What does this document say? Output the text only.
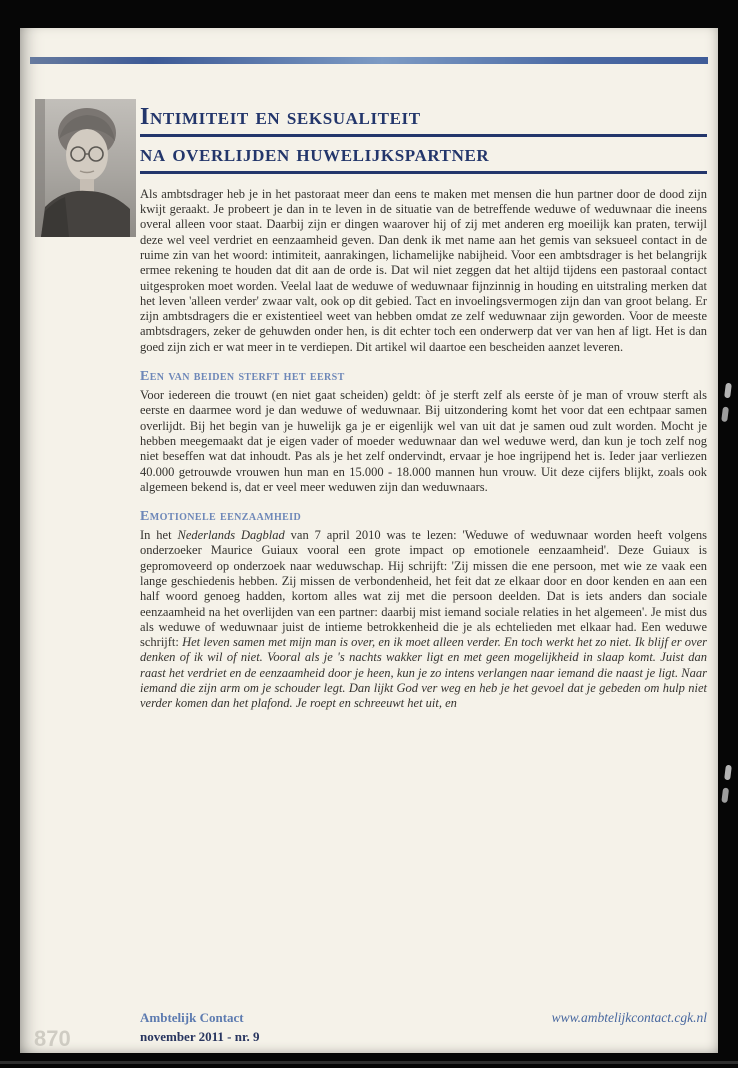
Intimiteit en seksualiteit
na overlijden huwelijkspartner

Als ambtsdrager heb je in het pastoraat meer dan eens te maken met mensen die hun partner door de dood zijn kwijt geraakt. Je probeert je dan in te leven in de situatie van de betreffende weduwe of weduwnaar die ineens overal alleen voor staat. Daarbij zijn er dingen waarover hij of zij met anderen erg moeilijk kan praten, terwijl deze wel veel verdriet en eenzaamheid geven. Dan denk ik met name aan het gemis van seksueel contact in de ruime zin van het woord: intimiteit, aanrakingen, lichamelijke nabijheid. Voor een ambtsdrager is het belangrijk ermee rekening te houden dat dit aan de orde is. Dat wil niet zeggen dat het altijd tijdens een pastoraal contact uitgesproken moet worden. Veelal laat de weduwe of weduwnaar fijnzinnig in houding en uitstraling merken dat het leven 'alleen verder' zwaar valt, ook op dit gebied. Tact en invoelingsvermogen zijn dan van groot belang. Er zijn ambtsdragers die er existentieel weet van hebben omdat ze zelf weduwnaar zijn geworden. Voor de meeste ambtsdragers, zeker de gehuwden onder hen, is dit echter toch een onderwerp dat ver van hen af ligt. Het is dan goed zijn zich er wat meer in te verdiepen. Dit artikel wil daartoe een bescheiden aanzet leveren.

Een van beiden sterft het eerst

Voor iedereen die trouwt (en niet gaat scheiden) geldt: òf je sterft zelf als eerste òf je man of vrouw sterft als eerste en daarmee word je dan weduwe of weduwnaar. Bij uitzondering komt het voor dat een echtpaar samen overlijdt. Bij het begin van je huwelijk ga je er eigenlijk wel van uit dat je samen oud zult worden. Mocht je hebben meegemaakt dat je eigen vader of moeder weduwnaar dan wel weduwe werd, dan kun je toch zelf nog niet beseffen wat dat inhoudt. Pas als je het zelf ondervindt, ervaar je hoe ingrijpend het is. Ieder jaar verliezen 40.000 getrouwde vrouwen hun man en 15.000 - 18.000 mannen hun vrouw. Uit deze cijfers blijkt, zoals ook algemeen bekend is, dat er veel meer weduwen zijn dan weduwnaars.

Emotionele eenzaamheid

In het Nederlands Dagblad van 7 april 2010 was te lezen: 'Weduwe of weduwnaar worden heeft volgens onderzoeker Maurice Guiaux vooral een grote impact op emotionele eenzaamheid'. Deze Guiaux is gepromoveerd op onderzoek naar weduwschap. Hij schrijft: 'Zij missen die ene persoon, met wie ze vaak een lange geschiedenis hebben. Zij missen de verbondenheid, het feit dat ze elkaar door en door kenden en aan een half woord genoeg hadden, kortom alles wat zij met die persoon deelden. Dat is iets anders dan sociale eenzaamheid na het overlijden van een partner: daarbij mist iemand sociale relaties in het algemeen'. Je mist dus als weduwe of weduwnaar juist de intieme betrokkenheid die je als echtelieden met elkaar had. Een weduwe schrijft: Het leven samen met mijn man is over, en ik moet alleen verder. En toch werkt het zo niet. Ik blijf er over denken of ik wil of niet. Vooral als je 's nachts wakker ligt en met geen mogelijkheid in slaap komt. Juist dan raast het verdriet en de eenzaamheid door je heen, kun je zo intens verlangen naar iemand die naast je ligt. Naar iemand die zijn arm om je schouder legt. Dan lijkt God ver weg en heb je het gevoel dat je gebeden om hulp niet verder komen dan het plafond. Je roept en schreeuwt het uit, en

Ambtelijk Contact
november 2011 - nr. 9
www.ambtelijkcontact.cgk.nl
870
